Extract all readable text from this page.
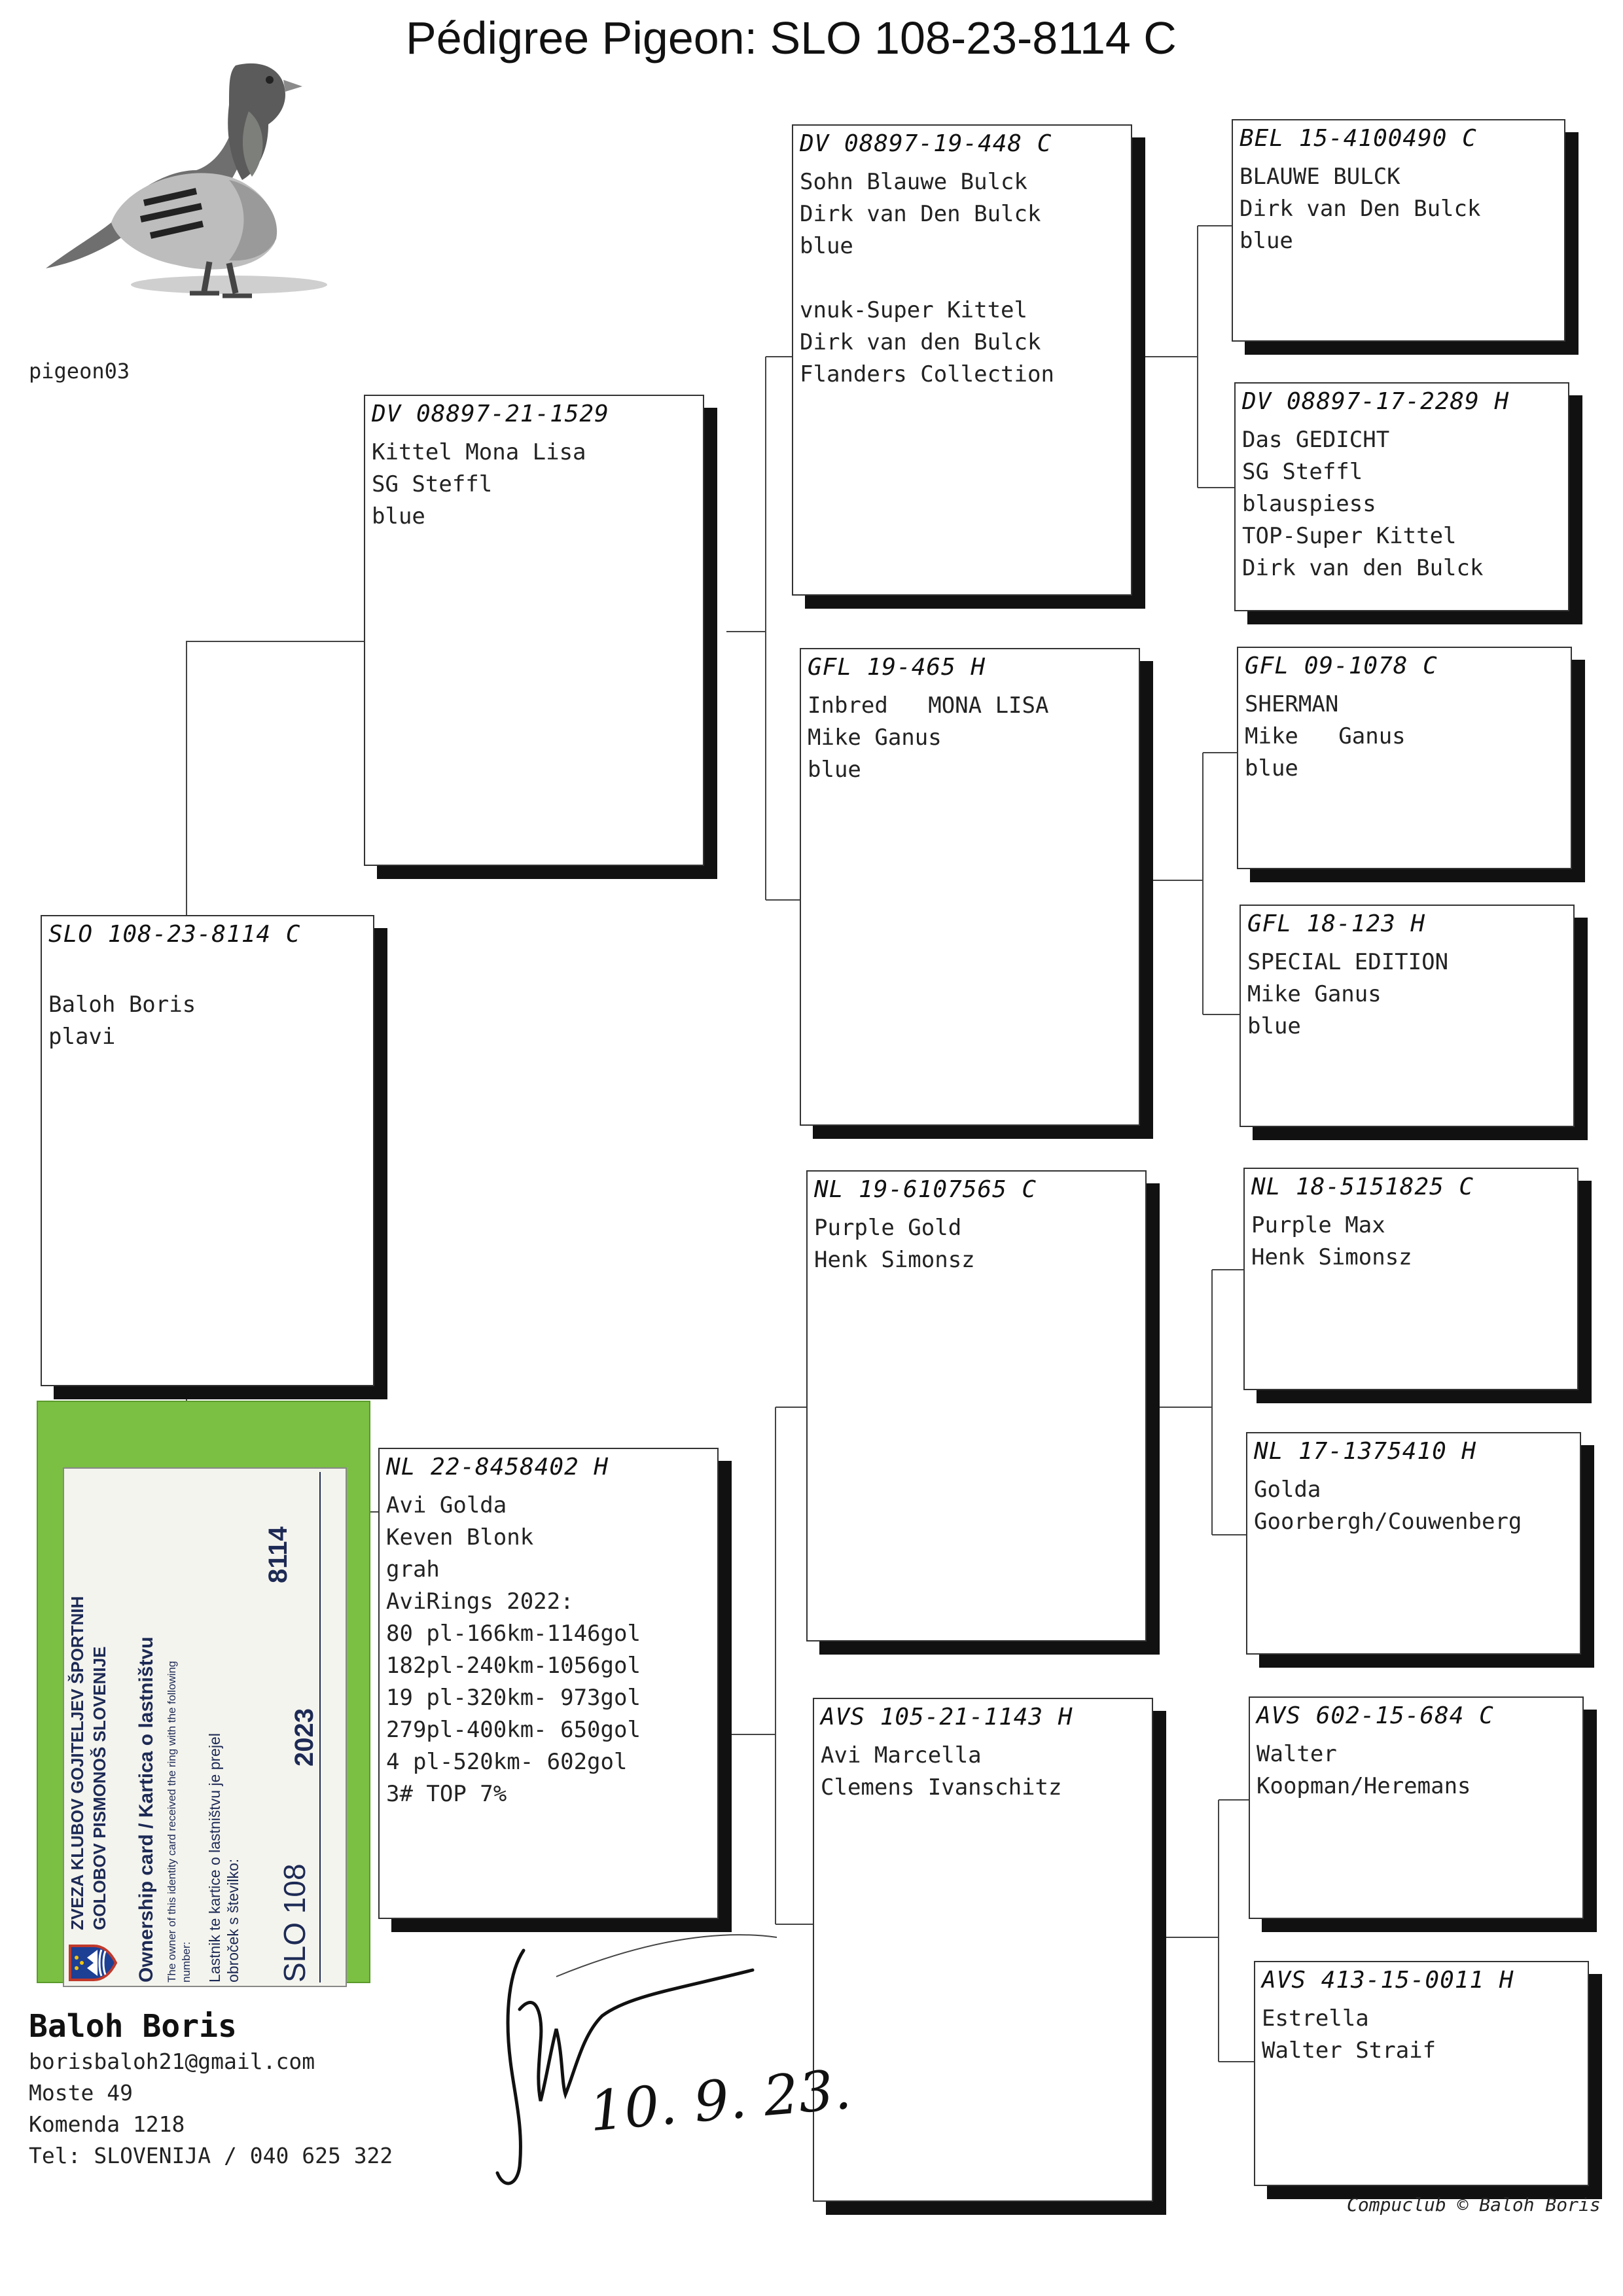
Pédigree Pigeon: SLO 108-23-8114 C
pigeon03
SLO 108-23-8114 C
Baloh Boris
plavi
DV 08897-21-1529
Kittel Mona Lisa
SG Steffl
blue
NL 22-8458402 H
Avi Golda
Keven Blonk
grah
AviRings 2022:
80 pl-166km-1146gol
182pl-240km-1056gol
19 pl-320km- 973gol
279pl-400km- 650gol
4 pl-520km- 602gol
3# TOP 7%
DV 08897-19-448 C
Sohn Blauwe Bulck
Dirk van Den Bulck
blue
vnuk-Super Kittel
Dirk van den Bulck
Flanders Collection
GFL 19-465 H
Inbred   MONA LISA
Mike Ganus
blue
NL 19-6107565 C
Purple Gold
Henk Simonsz
AVS 105-21-1143 H
Avi Marcella
Clemens Ivanschitz
BEL 15-4100490 C
BLAUWE BULCK
Dirk van Den Bulck
blue
DV 08897-17-2289 H
Das GEDICHT
SG Steffl
blauspiess
TOP-Super Kittel
Dirk van den Bulck
GFL 09-1078 C
SHERMAN
Mike   Ganus
blue
GFL 18-123 H
SPECIAL EDITION
Mike Ganus
blue
NL 18-5151825 C
Purple Max
Henk Simonsz
NL 17-1375410 H
Golda
Goorbergh/Couwenberg
AVS 602-15-684 C
Walter
Koopman/Heremans
AVS 413-15-0011 H
Estrella
Walter Straif
ZVEZA KLUBOV GOJITELJEV ŠPORTNIH GOLOBOV PISMONOŠ SLOVENIJE Ownership card / Kartica o lastništvu The owner of this identity card received the ring with the following number: Lastnik te kartice o lastništvu je prejel obroček s številko: SLO 108
2023
8114
Baloh Boris
borisbaloh21@gmail.com
Moste 49
Komenda 1218
Tel: SLOVENIJA / 040 625 322
10. 9. 23.
Compuclub © Baloh Boris
